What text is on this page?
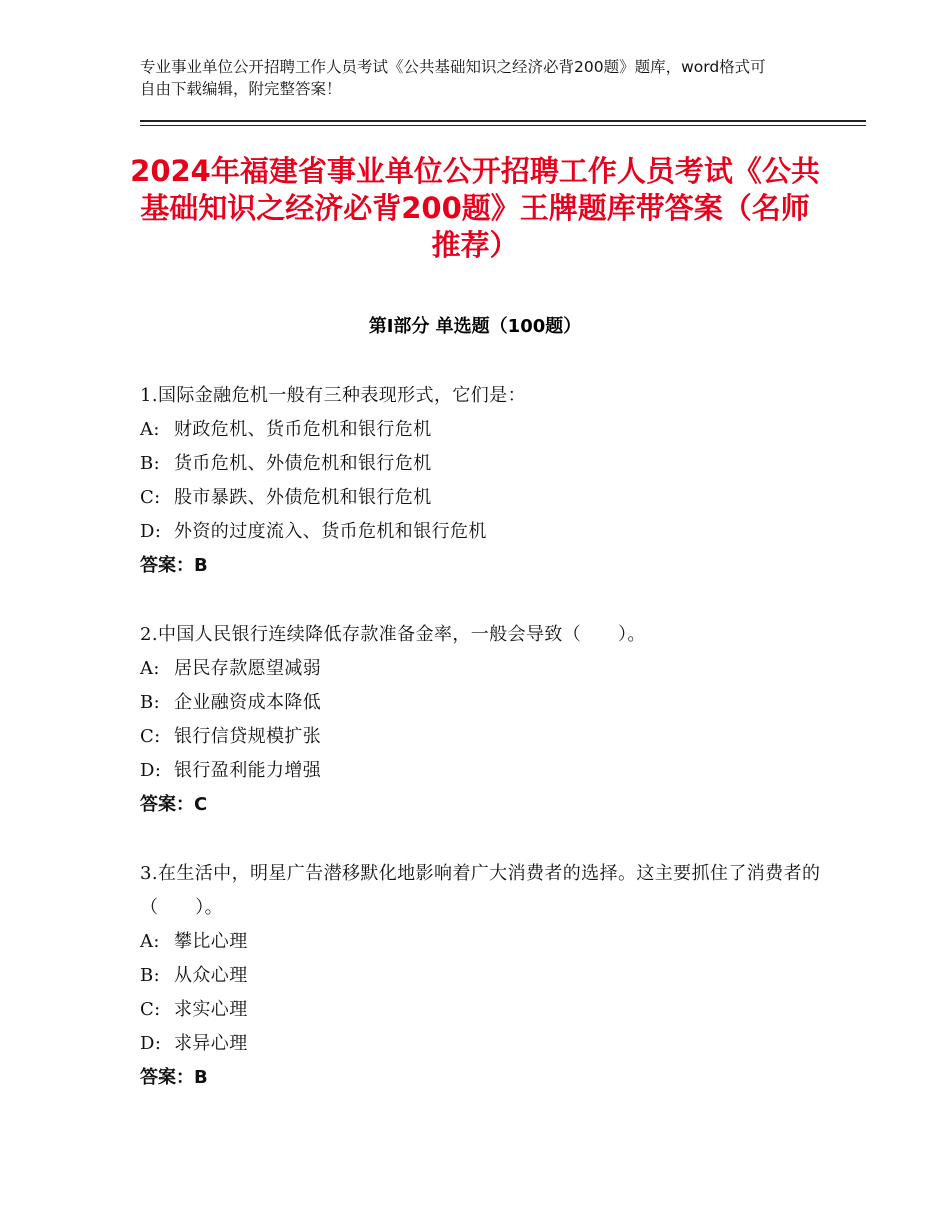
专业事业单位公开招聘工作人员考试《公共基础知识之经济必背200题》题库，word格式可自由下载编辑，附完整答案！
2024年福建省事业单位公开招聘工作人员考试《公共基础知识之经济必背200题》王牌题库带答案（名师推荐）
第Ⅰ部分 单选题（100题）
1.国际金融危机一般有三种表现形式，它们是：
A: 财政危机、货币危机和银行危机
B: 货币危机、外债危机和银行危机
C: 股市暴跌、外债危机和银行危机
D: 外资的过度流入、货币危机和银行危机
答案：B
2.中国人民银行连续降低存款准备金率，一般会导致（　　）。
A: 居民存款愿望减弱
B: 企业融资成本降低
C: 银行信贷规模扩张
D: 银行盈利能力增强
答案：C
3.在生活中，明星广告潜移默化地影响着广大消费者的选择。这主要抓住了消费者的（　　）。
A: 攀比心理
B: 从众心理
C: 求实心理
D: 求异心理
答案：B
